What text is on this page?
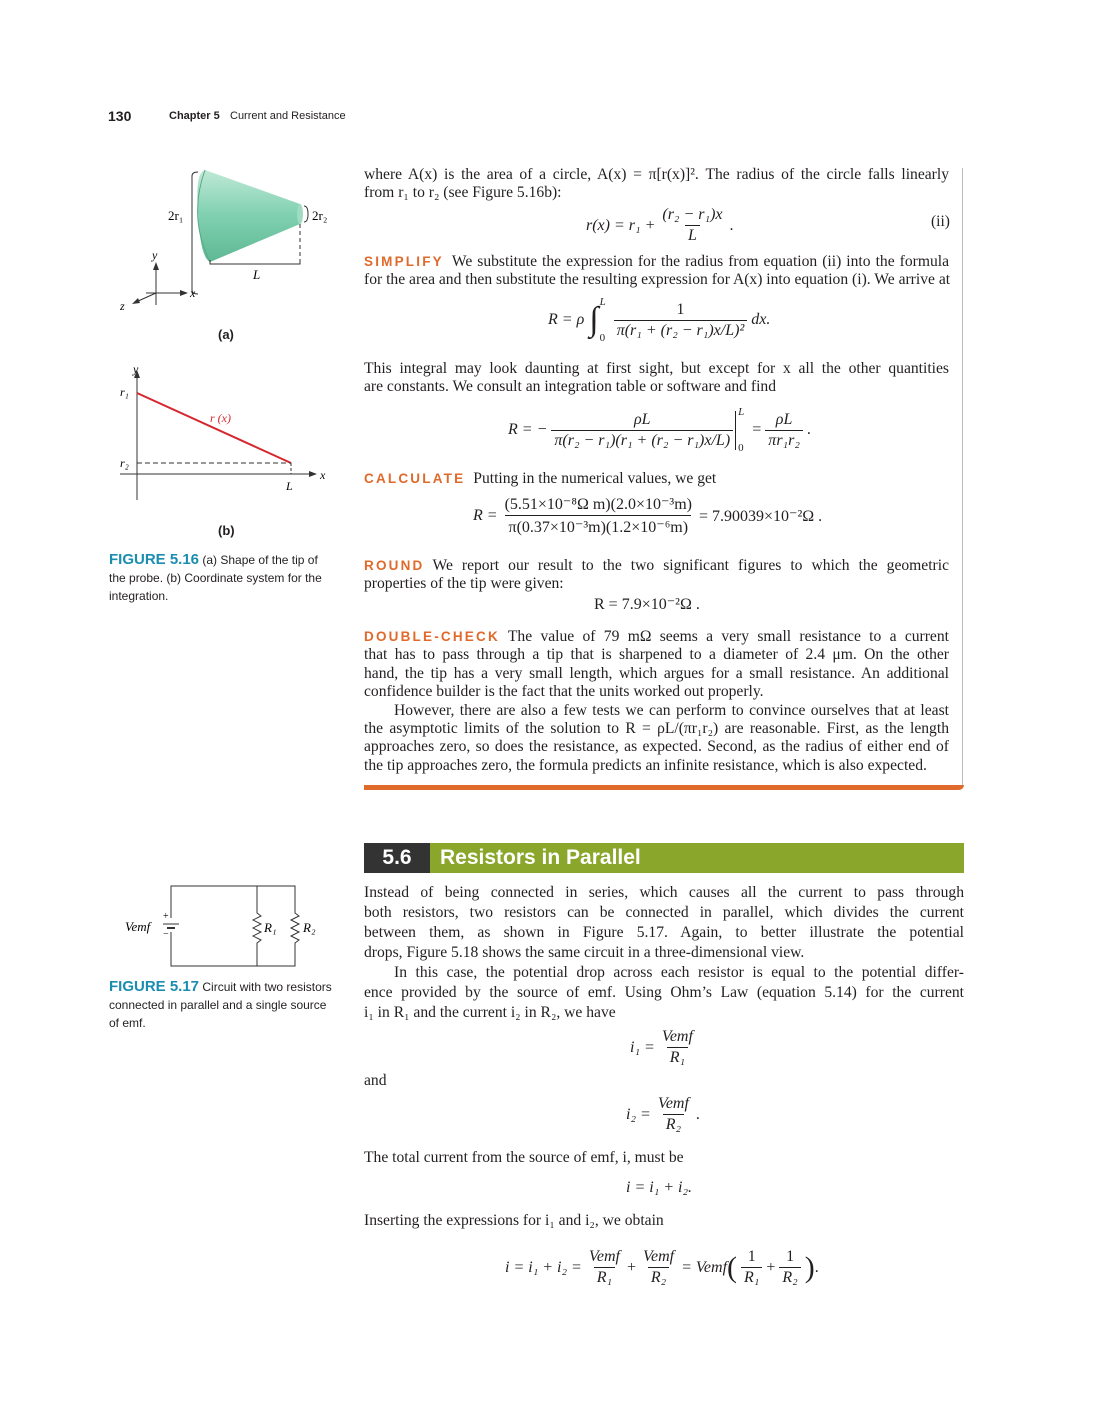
130	Chapter 5 Current and Resistance
2r₁	2r₂
L
y
x
z
(a)
y
r₁
r₂
r (x)
L
x
(b)
FIGURE 5.16 (a) Shape of the tip of the probe. (b) Coordinate system for the integration.
Vemf
+
−	R₁ R₂
FIGURE 5.17 Circuit with two resistors connected in parallel and a single source of emf.
where A(x) is the area of a circle, A(x) = π[r(x)]². The radius of the circle falls linearly
from r₁ to r₂ (see Figure 5.16b):
SIMPLIFY We substitute the expression for the radius from equation (ii) into the formula
for the area and then substitute the resulting expression for A(x) into equation (i). We arrive at
This integral may look daunting at first sight, but except for x all the other quantities
are constants. We consult an integration table or software and find
CALCULATE Putting in the numerical values, we get
ROUND We report our result to the two significant figures to which the geometric
properties of the tip were given:
DOUBLE-CHECK The value of 79 mΩ seems a very small resistance to a current
that has to pass through a tip that is sharpened to a diameter of 2.4 μm. On the other
hand, the tip has a very small length, which argues for a small resistance. An additional
confidence builder is the fact that the units worked out properly.
However, there are also a few tests we can perform to convince ourselves that at least
the asymptotic limits of the solution to R = ρL/(πr₁r₂) are reasonable. First, as the length
approaches zero, so does the resistance, as expected. Second, as the radius of either end of
the tip approaches zero, the formula predicts an infinite resistance, which is also expected.
$r(x) = r_1 + \frac{\text{(r₂ − r₁)x}}{L}$ .	(ii)
R = ρ ∫ L
$0 \frac{1}{\text{π(r₁ + (r₂ − r₁)x/L)²}}$ dx.
R = − $\frac{\rho L}{\text{π(r₂ − r₁)(r₁ + (r₂ − r₁)x/L)}}$ L
0
= $\frac{\rho L}{\text{πr₁r₂}}$ .
$R = \frac{\text{(5.51×10⁻⁸Ω m)(2.0×10⁻³m)}}{\text{π(0.37×10⁻³m)(1.2×10⁻⁶m)}} = 7.90039\times 10^{-2}\Omega$ .
R = 7.9×10⁻²Ω .
5.6	Resistors in Parallel
Instead of being connected in series, which causes all the current to pass through
both resistors, two resistors can be connected in parallel, which divides the current
between them, as shown in Figure 5.17. Again, to better illustrate the potential
drops, Figure 5.18 shows the same circuit in a three-dimensional view.
In this case, the potential drop across each resistor is equal to the potential differ-
ence provided by the source of emf. Using Ohm’s Law (equation 5.14) for the current
i₁ in R₁ and the current i₂ in R₂, we have
$i_1 = \frac{\text{Vemf}}{\text{R₁}}$
and
$i_2 = \frac{\text{Vemf}}{\text{R₂}}$ .
The total current from the source of emf, i, must be
i = i₁ + i₂.
Inserting the expressions for i₁ and i₂, we obtain
$i = i_1 + i_2 = \frac{\text{Vemf}}{\text{R₁}} + \frac{\text{Vemf}}{\text{R₂}}$ = Vemf ( $\frac{1}{\text{R₁}} + \frac{1}{\text{R₂}}$ ) .
